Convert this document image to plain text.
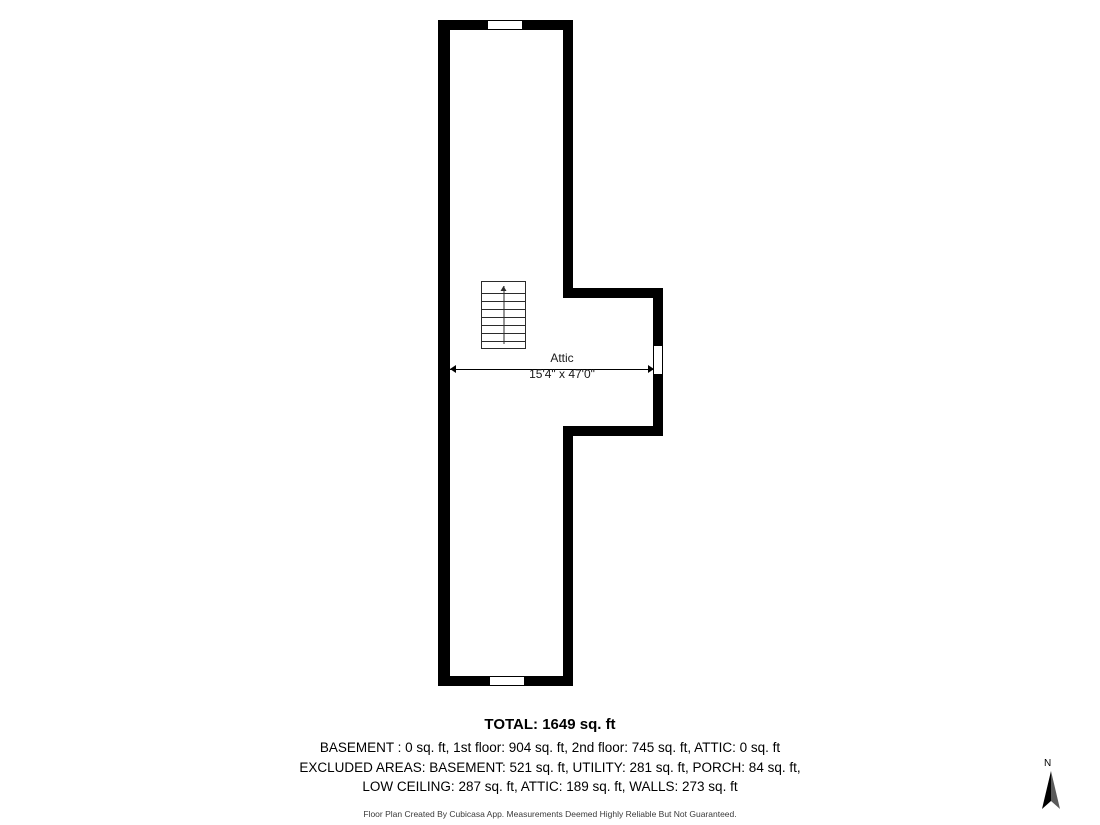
Attic
15'4" x 47'0"
TOTAL: 1649 sq. ft
BASEMENT : 0 sq. ft, 1st floor: 904 sq. ft, 2nd floor: 745 sq. ft, ATTIC: 0 sq. ft
EXCLUDED AREAS: BASEMENT: 521 sq. ft, UTILITY: 281 sq. ft, PORCH: 84 sq. ft,
LOW CEILING: 287 sq. ft, ATTIC: 189 sq. ft, WALLS: 273 sq. ft
Floor Plan Created By Cubicasa App. Measurements Deemed Highly Reliable But Not Guaranteed.
N
